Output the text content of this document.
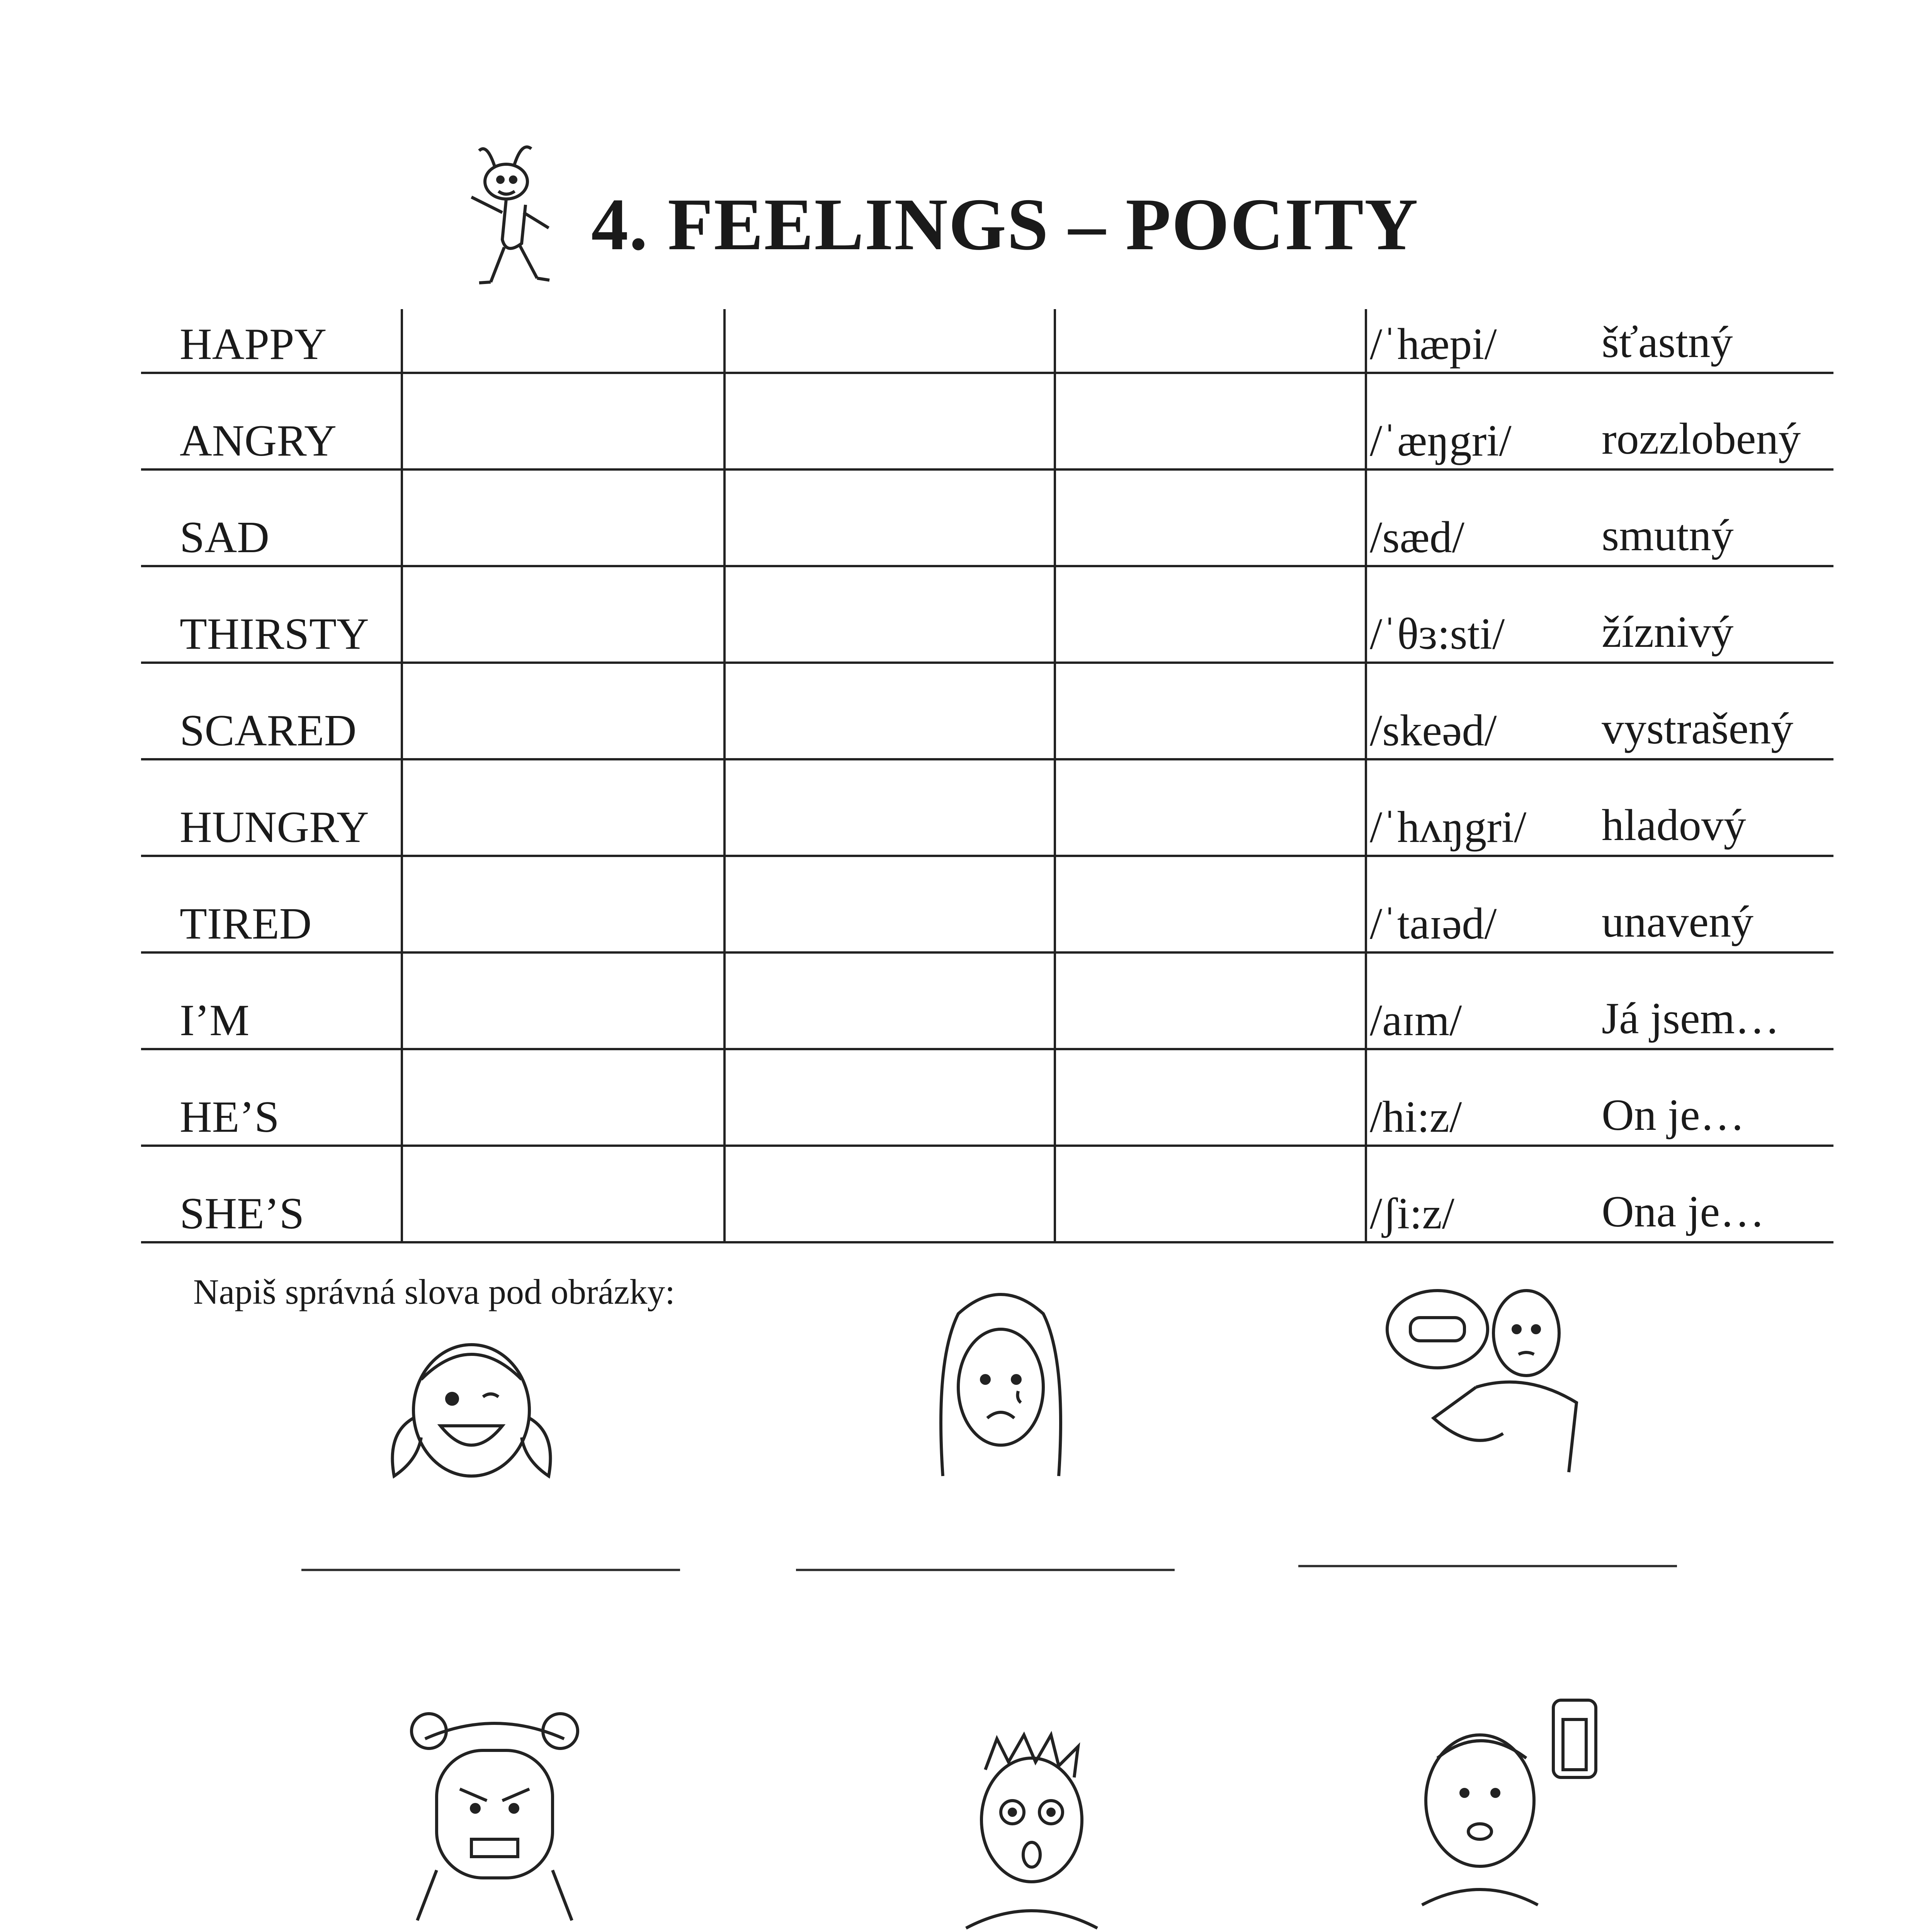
4. FEELINGS – POCITY
HAPPY	/ˈhæpi/ šťastný
ANGRY	/ˈæŋgri/ rozzlobený
SAD	/sæd/	smutný
THIRSTY	/ˈθɜ:sti/ žíznivý
SCARED	/skeəd/ vystrašený
HUNGRY	/ˈhʌŋgri/ hladový
TIRED	/ˈtaɪəd/ unavený
I’M	/aɪm/	Já jsem…
HE’S	/hi:z/	On je…
SHE’S	/ʃi:z/	Ona je…
Napiš správná slova pod obrázky:
